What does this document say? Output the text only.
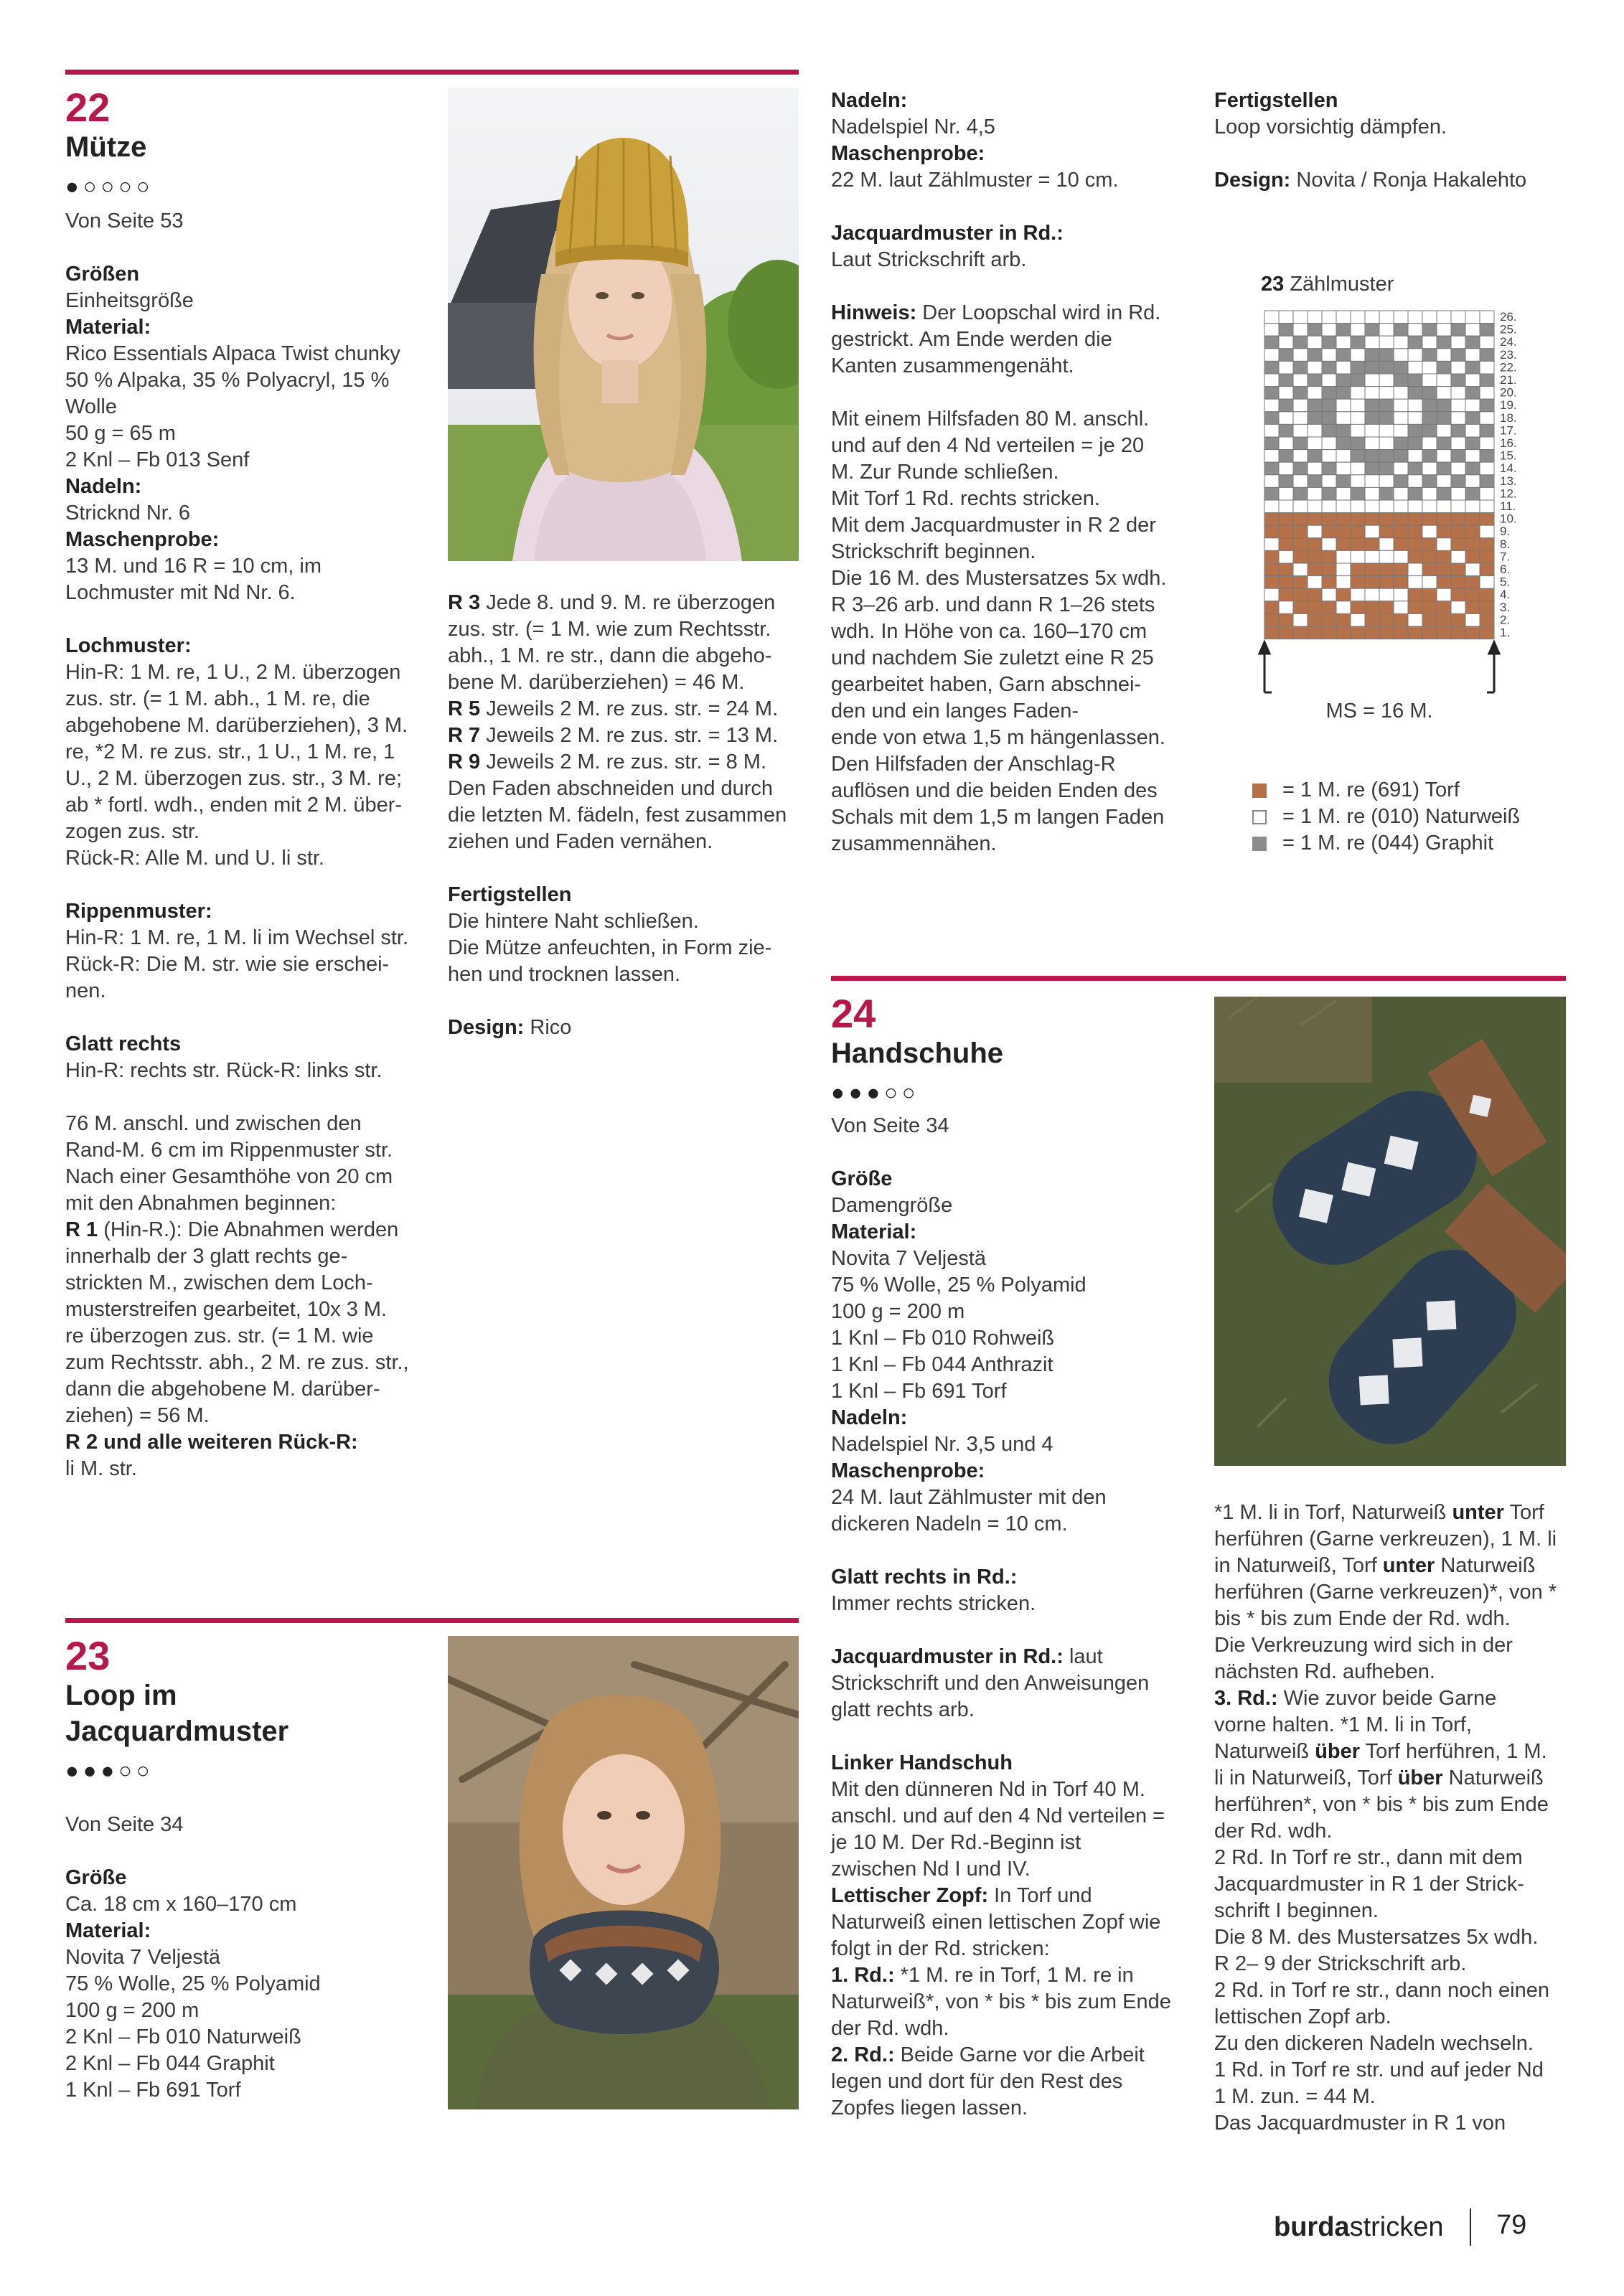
22
Mütze
●○○○○

Von Seite 53

Größen

Einheitsgröße

Material:

Rico Essentials Alpaca Twist chunky
50 % Alpaka, 35 % Polyacryl, 15 %
Wolle
50 g = 65 m
2 Knl – Fb 013 Senf

Nadeln:

Stricknd Nr. 6

Maschenprobe:

13 M. und 16 R = 10 cm, im
Lochmuster mit Nd Nr. 6.

Lochmuster:

Hin-R: 1 M. re, 1 U., 2 M. überzogen
zus. str. (= 1 M. abh., 1 M. re, die
abgehobene M. darüberziehen), 3 M.
re, *2 M. re zus. str., 1 U., 1 M. re, 1
U., 2 M. überzogen zus. str., 3 M. re;
ab * fortl. wdh., enden mit 2 M. über-
zogen zus. str.
Rück-R: Alle M. und U. li str.

Rippenmuster:

Hin-R: 1 M. re, 1 M. li im Wechsel str.
Rück-R: Die M. str. wie sie erschei-
nen.

Glatt rechts

Hin-R: rechts str. Rück-R: links str.

76 M. anschl. und zwischen den
Rand-M. 6 cm im Rippenmuster str.
Nach einer Gesamthöhe von 20 cm
mit den Abnahmen beginnen:

R 1 (Hin-R.): Die Abnahmen werden
innerhalb der 3 glatt rechts ge-
strickten M., zwischen dem Loch-
musterstreifen gearbeitet, 10x 3 M.
re überzogen zus. str. (= 1 M. wie
zum Rechtsstr. abh., 2 M. re zus. str.,
dann die abgehobene M. darüber-
ziehen) = 56 M.

R 2 und alle weiteren Rück-R:

li M. str.

R 3 Jede 8. und 9. M. re überzogen
zus. str. (= 1 M. wie zum Rechtsstr.
abh., 1 M. re str., dann die abgeho-
bene M. darüberziehen) = 46 M.

R 5 Jeweils 2 M. re zus. str. = 24 M.

R 7 Jeweils 2 M. re zus. str. = 13 M.

R 9 Jeweils 2 M. re zus. str. = 8 M.
Den Faden abschneiden und durch
die letzten M. fädeln, fest zusammen
ziehen und Faden vernähen.

Fertigstellen

Die hintere Naht schließen.
Die Mütze anfeuchten, in Form zie-
hen und trocknen lassen.

Design: Rico

23
Loop im
Jacquardmuster
●●●○○

Von Seite 34

Größe

Ca. 18 cm x 160–170 cm

Material:

Novita 7 Veljestä
75 % Wolle, 25 % Polyamid
100 g = 200 m
2 Knl – Fb 010 Naturweiß
2 Knl – Fb 044 Graphit
1 Knl – Fb 691 Torf

Nadeln:

Nadelspiel Nr. 4,5

Maschenprobe:

22 M. laut Zählmuster = 10 cm.

Jacquardmuster in Rd.:

Laut Strickschrift arb.

Hinweis: Der Loopschal wird in Rd.
gestrickt. Am Ende werden die
Kanten zusammengenäht.

Mit einem Hilfsfaden 80 M. anschl.
und auf den 4 Nd verteilen = je 20
M. Zur Runde schließen.
Mit Torf 1 Rd. rechts stricken.
Mit dem Jacquardmuster in R 2 der
Strickschrift beginnen.
Die 16 M. des Mustersatzes 5x wdh.
R 3–26 arb. und dann R 1–26 stets
wdh. In Höhe von ca. 160–170 cm
und nachdem Sie zuletzt eine R 25
gearbeitet haben, Garn abschnei-
den und ein langes Faden-
ende von etwa 1,5 m hängenlassen.
Den Hilfsfaden der Anschlag-R
auflösen und die beiden Enden des
Schals mit dem 1,5 m langen Faden
zusammennähen.

Fertigstellen

Loop vorsichtig dämpfen.

Design: Novita / Ronja Hakalehto

23 Zählmuster

26.
25.
24.
23.
22.
21.
20.
19.
18.
17.
16.
15.
14.
13.
12.
11.
10.
9.
8.
7.
6.
5.
4.
3.
2.
1.
MS = 16 M.
= 1 M. re (691) Torf
= 1 M. re (010) Naturweiß
= 1 M. re (044) Graphit
24
Handschuhe
●●●○○

Von Seite 34

Größe

Damengröße

Material:

Novita 7 Veljestä
75 % Wolle, 25 % Polyamid
100 g = 200 m
1 Knl – Fb 010 Rohweiß
1 Knl – Fb 044 Anthrazit
1 Knl – Fb 691 Torf

Nadeln:

Nadelspiel Nr. 3,5 und 4

Maschenprobe:

24 M. laut Zählmuster mit den
dickeren Nadeln = 10 cm.

Glatt rechts in Rd.:

Immer rechts stricken.

Jacquardmuster in Rd.: laut

Strickschrift und den Anweisungen
glatt rechts arb.

Linker Handschuh

Mit den dünneren Nd in Torf 40 M.
anschl. und auf den 4 Nd verteilen =
je 10 M. Der Rd.-Beginn ist
zwischen Nd I und IV.

Lettischer Zopf: In Torf und
Naturweiß einen lettischen Zopf wie
folgt in der Rd. stricken:

1. Rd.: *1 M. re in Torf, 1 M. re in
Naturweiß*, von * bis * bis zum Ende
der Rd. wdh.

2. Rd.: Beide Garne vor die Arbeit
legen und dort für den Rest des
Zopfes liegen lassen.

*1 M. li in Torf, Naturweiß unter Torf
herführen (Garne verkreuzen), 1 M. li
in Naturweiß, Torf unter Naturweiß
herführen (Garne verkreuzen)*, von *
bis * bis zum Ende der Rd. wdh.
Die Verkreuzung wird sich in der
nächsten Rd. aufheben.

3. Rd.: Wie zuvor beide Garne
vorne halten. *1 M. li in Torf,
Naturweiß über Torf herführen, 1 M.
li in Naturweiß, Torf über Naturweiß
herführen*, von * bis * bis zum Ende
der Rd. wdh.

2 Rd. In Torf re str., dann mit dem
Jacquardmuster in R 1 der Strick-
schrift I beginnen.
Die 8 M. des Mustersatzes 5x wdh.
R 2– 9 der Strickschrift arb.
2 Rd. in Torf re str., dann noch einen
lettischen Zopf arb.
Zu den dickeren Nadeln wechseln.
1 Rd. in Torf re str. und auf jeder Nd
1 M. zun. = 44 M.
Das Jacquardmuster in R 1 von

burdastricken 79
